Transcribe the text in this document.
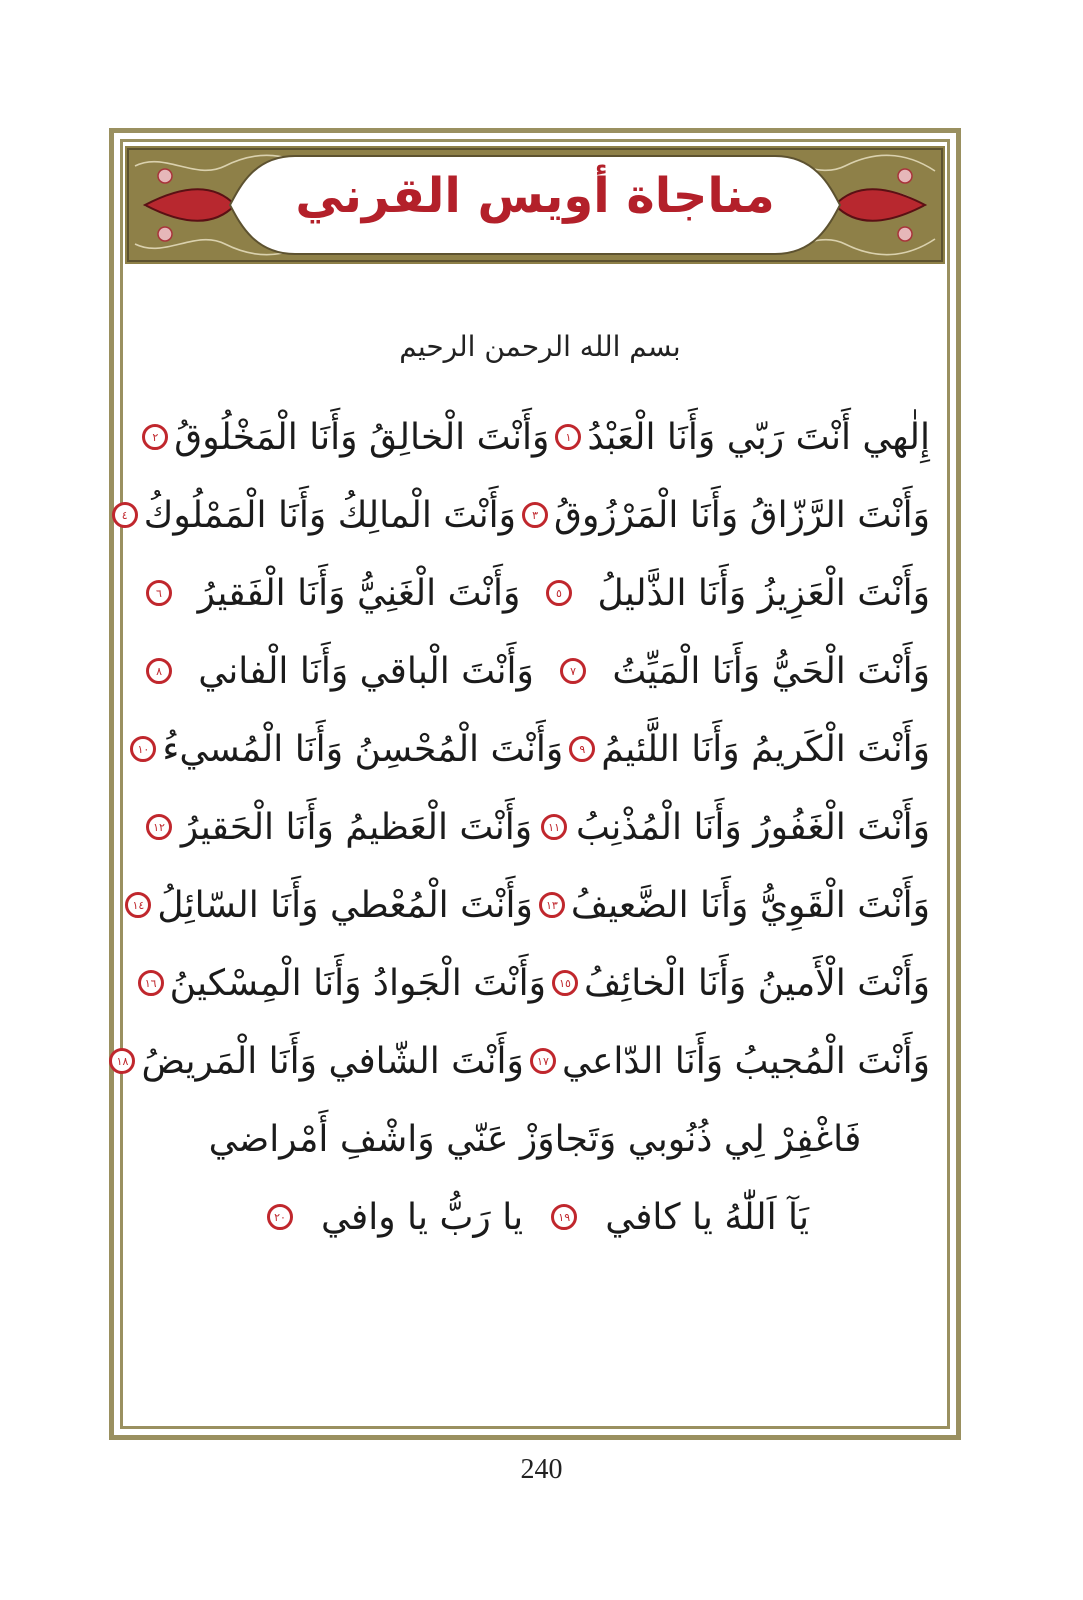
مناجاة أويس القرني
بسم الله الرحمن الرحيم
إِلٰهي أَنْتَ رَبّي وَأَنَا الْعَبْدُ
١
وَأَنْتَ الْخالِقُ وَأَنَا الْمَخْلُوقُ
٢
وَأَنْتَ الرَّزّاقُ وَأَنَا الْمَرْزُوقُ
٣
وَأَنْتَ الْمالِكُ وَأَنَا الْمَمْلُوكُ
٤
وَأَنْتَ الْعَزِيزُ وَأَنَا الذَّليلُ
٥
وَأَنْتَ الْغَنِيُّ وَأَنَا الْفَقيرُ
٦
وَأَنْتَ الْحَيُّ وَأَنَا الْمَيِّتُ
٧
وَأَنْتَ الْباقي وَأَنَا الْفاني
٨
وَأَنْتَ الْكَريمُ وَأَنَا اللَّئيمُ
٩
وَأَنْتَ الْمُحْسِنُ وَأَنَا الْمُسيءُ
١٠
وَأَنْتَ الْغَفُورُ وَأَنَا الْمُذْنِبُ
١١
وَأَنْتَ الْعَظيمُ وَأَنَا الْحَقيرُ
١٢
وَأَنْتَ الْقَوِيُّ وَأَنَا الضَّعيفُ
١٣
وَأَنْتَ الْمُعْطي وَأَنَا السّائِلُ
١٤
وَأَنْتَ الْأَمينُ وَأَنَا الْخائِفُ
١٥
وَأَنْتَ الْجَوادُ وَأَنَا الْمِسْكينُ
١٦
وَأَنْتَ الْمُجيبُ وَأَنَا الدّاعي
١٧
وَأَنْتَ الشّافي وَأَنَا الْمَريضُ
١٨
فَاغْفِرْ لِي ذُنُوبي وَتَجاوَزْ عَنّي وَاشْفِ أَمْراضي
يَآ اَللّٰهُ يا كافي
١٩
يا رَبُّ يا وافي
٢٠
240
